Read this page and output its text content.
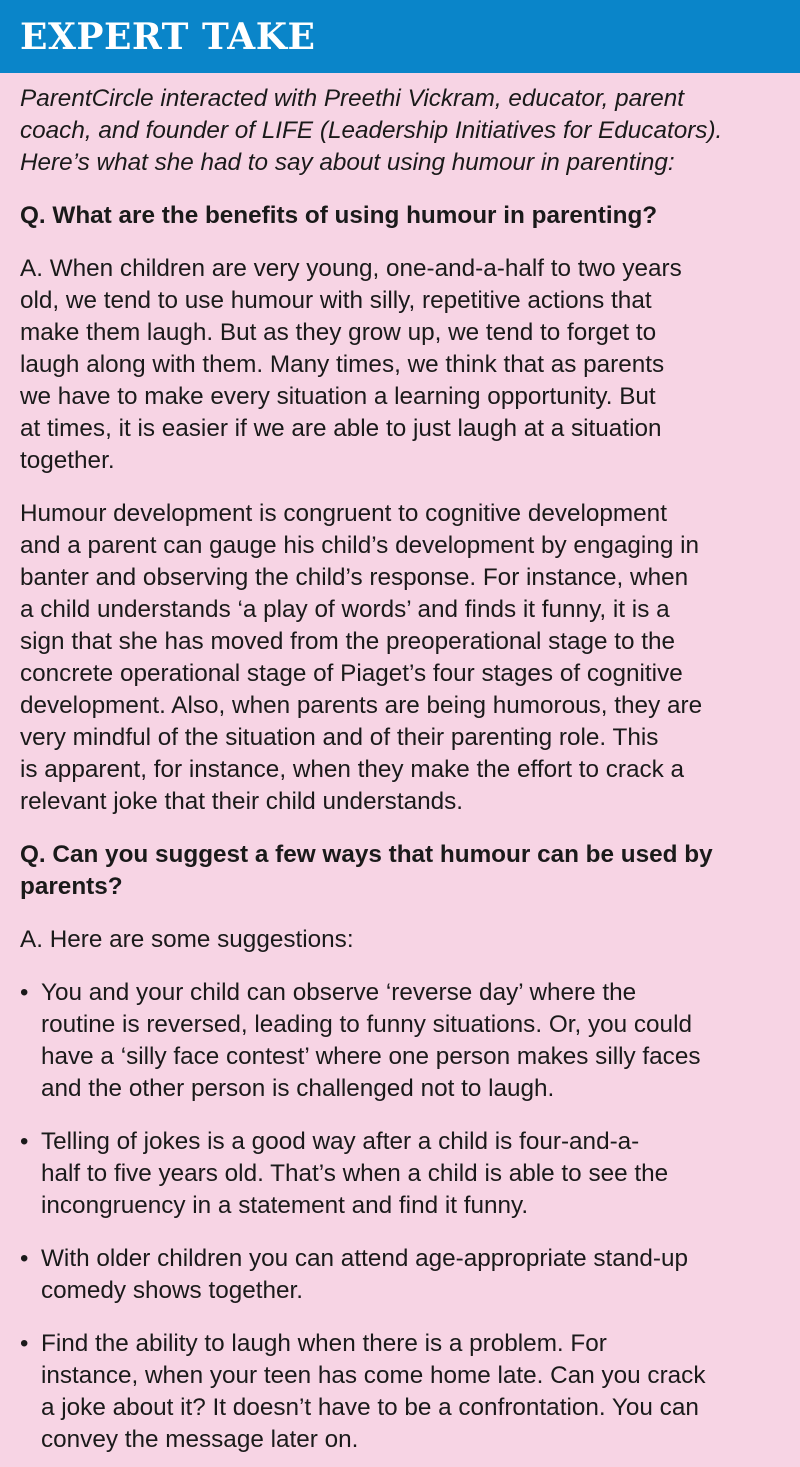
EXPERT TAKE
ParentCircle interacted with Preethi Vickram, educator, parent
coach, and founder of LIFE (Leadership Initiatives for Educators).
Here’s what she had to say about using humour in parenting:
Q. What are the benefits of using humour in parenting?
A. When children are very young, one-and-a-half to two years
old, we tend to use humour with silly, repetitive actions that
make them laugh. But as they grow up, we tend to forget to
laugh along with them. Many times, we think that as parents
we have to make every situation a learning opportunity. But
at times, it is easier if we are able to just laugh at a situation
together.
Humour development is congruent to cognitive development
and a parent can gauge his child’s development by engaging in
banter and observing the child’s response. For instance, when
a child understands ‘a play of words’ and finds it funny, it is a
sign that she has moved from the preoperational stage to the
concrete operational stage of Piaget’s four stages of cognitive
development. Also, when parents are being humorous, they are
very mindful of the situation and of their parenting role. This
is apparent, for instance, when they make the effort to crack a
relevant joke that their child understands.
Q. Can you suggest a few ways that humour can be used by
parents?
A. Here are some suggestions:
• You and your child can observe ‘reverse day’ where the
routine is reversed, leading to funny situations. Or, you could
have a ‘silly face contest’ where one person makes silly faces
and the other person is challenged not to laugh.
• Telling of jokes is a good way after a child is four-and-a-
half to five years old. That’s when a child is able to see the
incongruency in a statement and find it funny.
• With older children you can attend age-appropriate stand-up
comedy shows together.
• Find the ability to laugh when there is a problem. For
instance, when your teen has come home late. Can you crack
a joke about it? It doesn’t have to be a confrontation. You can
convey the message later on.
